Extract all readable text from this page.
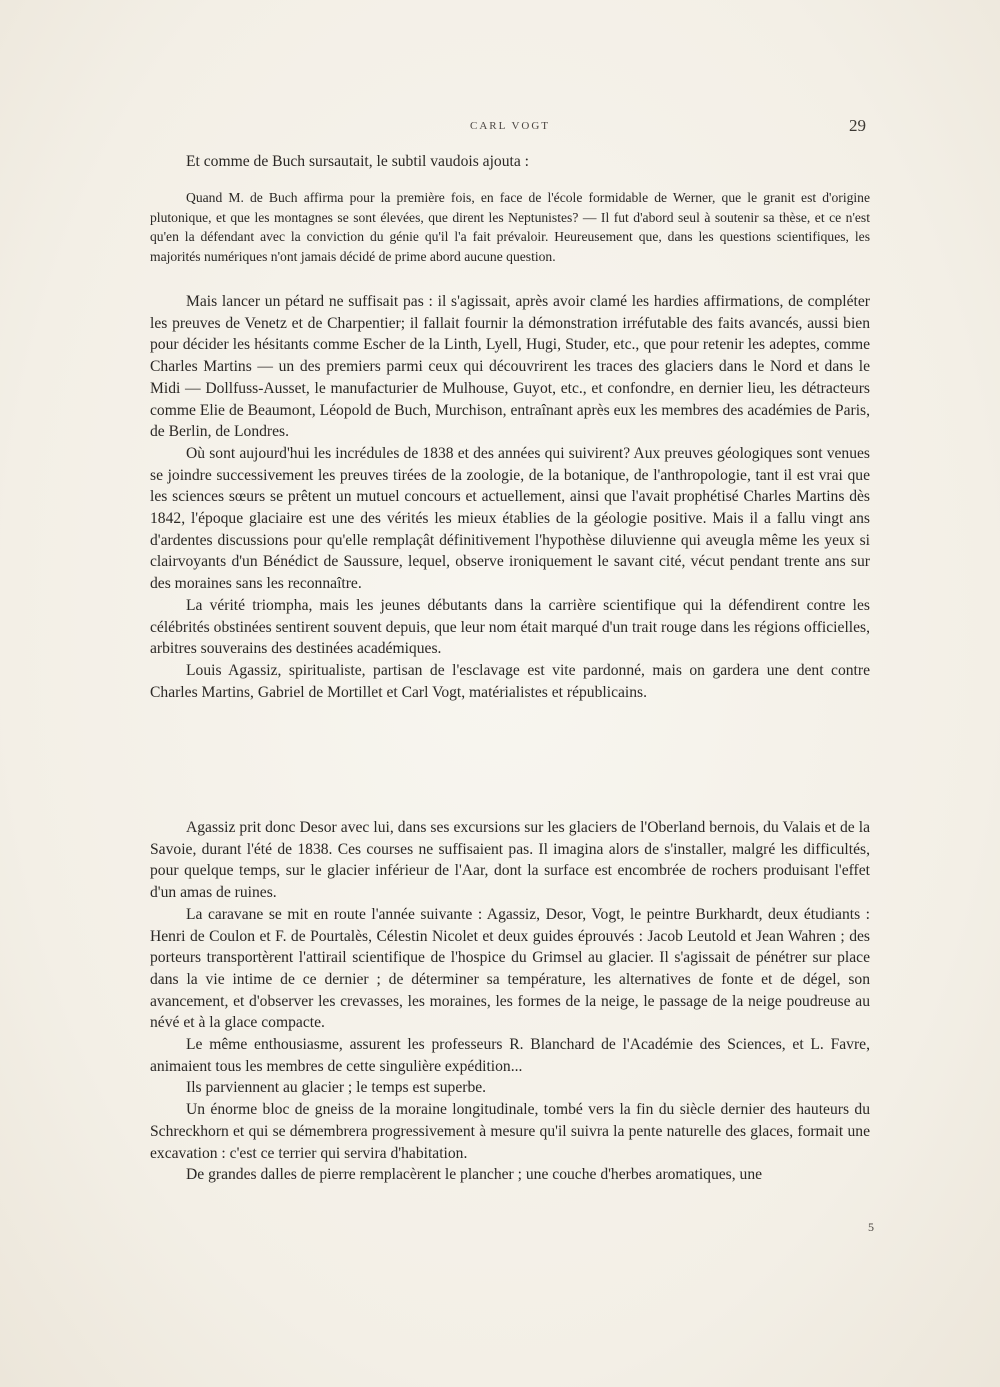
CARL VOGT	29

Et comme de Buch sursautait, le subtil vaudois ajouta :

Quand M. de Buch affirma pour la première fois, en face de l'école formidable de Werner, que le granit est d'origine plutonique, et que les montagnes se sont élevées, que dirent les Neptunistes? — Il fut d'abord seul à soutenir sa thèse, et ce n'est qu'en la défendant avec la conviction du génie qu'il l'a fait prévaloir. Heureusement que, dans les questions scientifiques, les majorités numériques n'ont jamais décidé de prime abord aucune question.

Mais lancer un pétard ne suffisait pas : il s'agissait, après avoir clamé les hardies affirmations, de compléter les preuves de Venetz et de Charpentier; il fallait fournir la démonstration irréfutable des faits avancés, aussi bien pour décider les hésitants comme Escher de la Linth, Lyell, Hugi, Studer, etc., que pour retenir les adeptes, comme Charles Martins — un des premiers parmi ceux qui découvrirent les traces des glaciers dans le Nord et dans le Midi — Dollfuss-Ausset, le manufacturier de Mulhouse, Guyot, etc., et confondre, en dernier lieu, les détracteurs comme Elie de Beaumont, Léopold de Buch, Murchison, entraînant après eux les membres des académies de Paris, de Berlin, de Londres.

Où sont aujourd'hui les incrédules de 1838 et des années qui suivirent? Aux preuves géologiques sont venues se joindre successivement les preuves tirées de la zoologie, de la botanique, de l'anthropologie, tant il est vrai que les sciences sœurs se prêtent un mutuel concours et actuellement, ainsi que l'avait prophétisé Charles Martins dès 1842, l'époque glaciaire est une des vérités les mieux établies de la géologie positive. Mais il a fallu vingt ans d'ardentes discussions pour qu'elle remplaçât définitivement l'hypothèse diluvienne qui aveugla même les yeux si clairvoyants d'un Bénédict de Saussure, lequel, observe ironiquement le savant cité, vécut pendant trente ans sur des moraines sans les reconnaître.

La vérité triompha, mais les jeunes débutants dans la carrière scientifique qui la défendirent contre les célébrités obstinées sentirent souvent depuis, que leur nom était marqué d'un trait rouge dans les régions officielles, arbitres souverains des destinées académiques.

Louis Agassiz, spiritualiste, partisan de l'esclavage est vite pardonné, mais on gardera une dent contre Charles Martins, Gabriel de Mortillet et Carl Vogt, matérialistes et républicains.

Agassiz prit donc Desor avec lui, dans ses excursions sur les glaciers de l'Oberland bernois, du Valais et de la Savoie, durant l'été de 1838. Ces courses ne suffisaient pas. Il imagina alors de s'installer, malgré les difficultés, pour quelque temps, sur le glacier inférieur de l'Aar, dont la surface est encombrée de rochers produisant l'effet d'un amas de ruines.

La caravane se mit en route l'année suivante : Agassiz, Desor, Vogt, le peintre Burkhardt, deux étudiants : Henri de Coulon et F. de Pourtalès, Célestin Nicolet et deux guides éprouvés : Jacob Leutold et Jean Wahren ; des porteurs transportèrent l'attirail scientifique de l'hospice du Grimsel au glacier. Il s'agissait de pénétrer sur place dans la vie intime de ce dernier ; de déterminer sa température, les alternatives de fonte et de dégel, son avancement, et d'observer les crevasses, les moraines, les formes de la neige, le passage de la neige poudreuse au névé et à la glace compacte.

Le même enthousiasme, assurent les professeurs R. Blanchard de l'Académie des Sciences, et L. Favre, animaient tous les membres de cette singulière expédition...

Ils parviennent au glacier ; le temps est superbe.

Un énorme bloc de gneiss de la moraine longitudinale, tombé vers la fin du siècle dernier des hauteurs du Schreckhorn et qui se démembrera progressivement à mesure qu'il suivra la pente naturelle des glaces, formait une excavation : c'est ce terrier qui servira d'habitation.

De grandes dalles de pierre remplacèrent le plancher ; une couche d'herbes aromatiques, une

5
